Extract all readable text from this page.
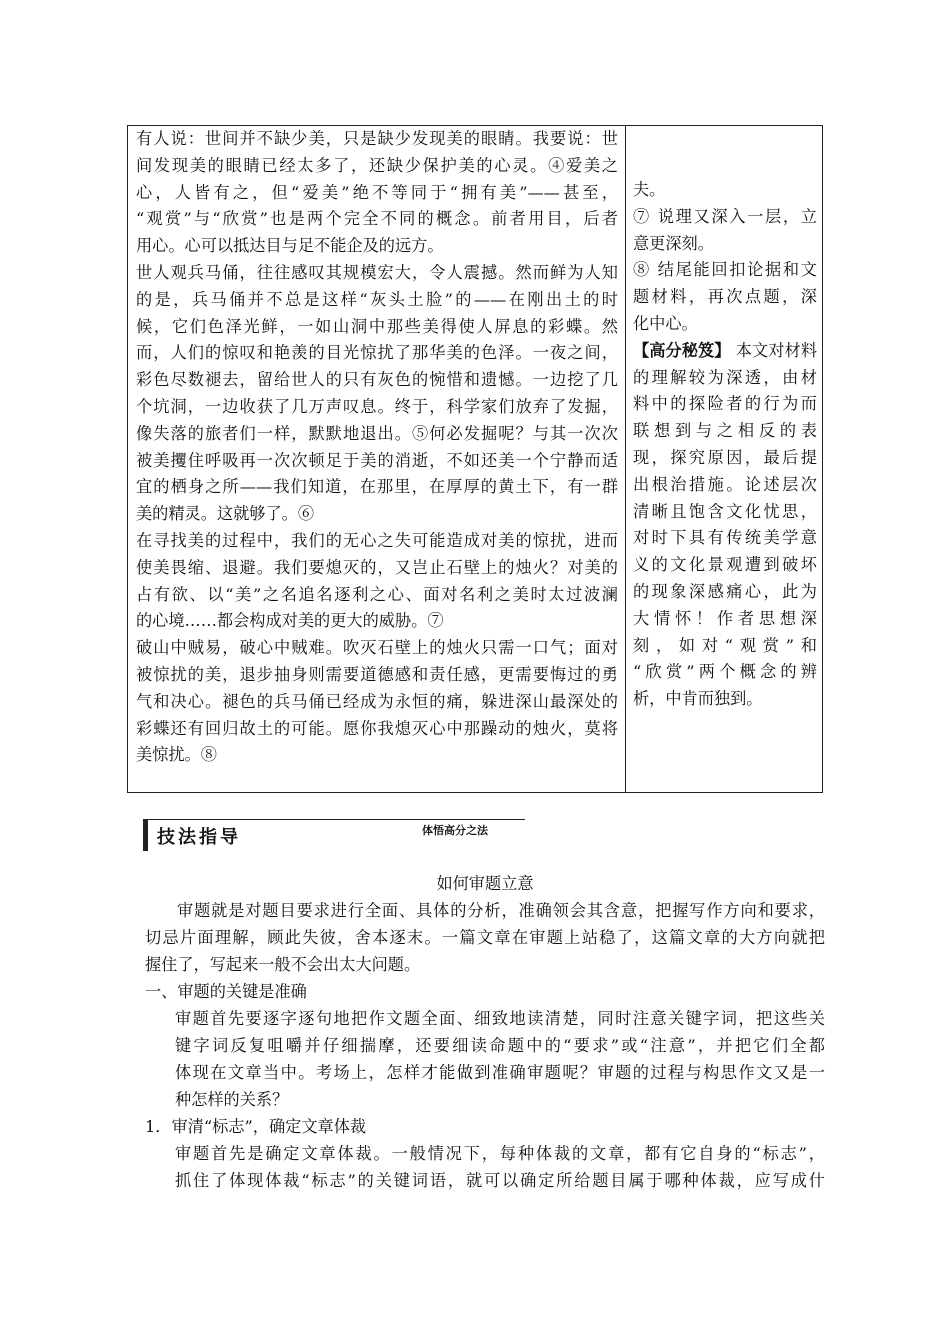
有人说：世间并不缺少美，只是缺少发现美的眼睛。我要说：世
间发现美的眼睛已经太多了，还缺少保护美的心灵。④爱美之
心，人皆有之，但“爱美”绝不等同于“拥有美”——甚至，
“观赏”与“欣赏”也是两个完全不同的概念。前者用目，后者
用心。心可以抵达目与足不能企及的远方。
世人观兵马俑，往往感叹其规模宏大，令人震撼。然而鲜为人知
的是，兵马俑并不总是这样“灰头土脸”的——在刚出土的时
候，它们色泽光鲜，一如山洞中那些美得使人屏息的彩蝶。然
而，人们的惊叹和艳羡的目光惊扰了那华美的色泽。一夜之间，
彩色尽数褪去，留给世人的只有灰色的惋惜和遗憾。一边挖了几
个坑洞，一边收获了几万声叹息。终于，科学家们放弃了发掘，
像失落的旅者们一样，默默地退出。⑤何必发掘呢？与其一次次
被美攫住呼吸再一次次顿足于美的消逝，不如还美一个宁静而适
宜的栖身之所——我们知道，在那里，在厚厚的黄土下，有一群
美的精灵。这就够了。⑥
在寻找美的过程中，我们的无心之失可能造成对美的惊扰，进而
使美畏缩、退避。我们要熄灭的，又岂止石壁上的烛火？对美的
占有欲、以“美”之名追名逐利之心、面对名利之美时太过波澜
的心境……都会构成对美的更大的威胁。⑦
破山中贼易，破心中贼难。吹灭石壁上的烛火只需一口气；面对
被惊扰的美，退步抽身则需要道德感和责任感，更需要悔过的勇
气和决心。褪色的兵马俑已经成为永恒的痛，躲进深山最深处的
彩蝶还有回归故土的可能。愿你我熄灭心中那躁动的烛火，莫将
美惊扰。⑧
夫。
⑦ 说理又深入一层，立
意更深刻。
⑧ 结尾能回扣论据和文
题材料，再次点题，深
化中心。
【高分秘笈】 本文对材料
的理解较为深透，由材
料中的探险者的行为而
联想到与之相反的表
现，探究原因，最后提
出根治措施。论述层次
清晰且饱含文化忧思，
对时下具有传统美学意
义的文化景观遭到破坏
的现象深感痛心，此为
大情怀！作者思想深
刻，如对“观赏”和
“欣赏”两个概念的辨
析，中肯而独到。
技法指导	体悟高分之法
如何审题立意
审题就是对题目要求进行全面、具体的分析，准确领会其含意，把握写作方向和要求，
切忌片面理解，顾此失彼，舍本逐末。一篇文章在审题上站稳了，这篇文章的大方向就把
握住了，写起来一般不会出太大问题。
一、审题的关键是准确
审题首先要逐字逐句地把作文题全面、细致地读清楚，同时注意关键字词，把这些关
键字词反复咀嚼并仔细揣摩，还要细读命题中的“要求”或“注意”，并把它们全都
体现在文章当中。考场上，怎样才能做到准确审题呢？审题的过程与构思作文又是一
种怎样的关系？
1．审清“标志”，确定文章体裁
审题首先是确定文章体裁。一般情况下，每种体裁的文章，都有它自身的“标志”，
抓住了体现体裁“标志”的关键词语，就可以确定所给题目属于哪种体裁，应写成什
